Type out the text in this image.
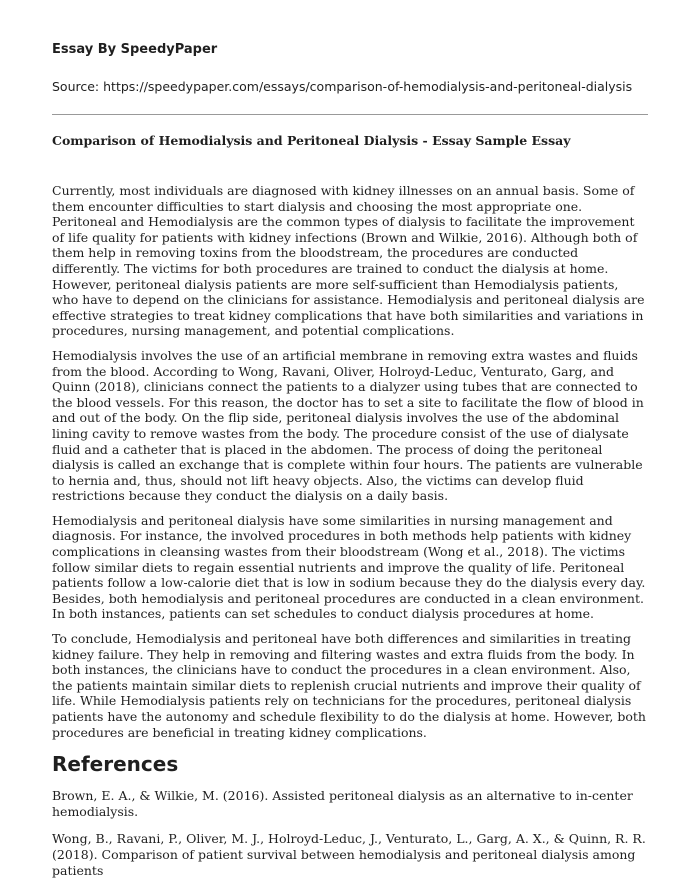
Essay By SpeedyPaper
Source: https://speedypaper.com/essays/comparison-of-hemodialysis-and-peritoneal-dialysis
Comparison of Hemodialysis and Peritoneal Dialysis - Essay Sample Essay

Currently, most individuals are diagnosed with kidney illnesses on an annual basis. Some of them encounter difficulties to start dialysis and choosing the most appropriate one. Peritoneal and Hemodialysis are the common types of dialysis to facilitate the improvement of life quality for patients with kidney infections (Brown and Wilkie, 2016). Although both of them help in removing toxins from the bloodstream, the procedures are conducted differently. The victims for both procedures are trained to conduct the dialysis at home. However, peritoneal dialysis patients are more self-sufficient than Hemodialysis patients, who have to depend on the clinicians for assistance. Hemodialysis and peritoneal dialysis are effective strategies to treat kidney complications that have both similarities and variations in procedures, nursing management, and potential complications.

Hemodialysis involves the use of an artificial membrane in removing extra wastes and fluids from the blood. According to Wong, Ravani, Oliver, Holroyd-Leduc, Venturato, Garg, and Quinn (2018), clinicians connect the patients to a dialyzer using tubes that are connected to the blood vessels. For this reason, the doctor has to set a site to facilitate the flow of blood in and out of the body. On the flip side, peritoneal dialysis involves the use of the abdominal lining cavity to remove wastes from the body. The procedure consist of the use of dialysate fluid and a catheter that is placed in the abdomen. The process of doing the peritoneal dialysis is called an exchange that is complete within four hours. The patients are vulnerable to hernia and, thus, should not lift heavy objects. Also, the victims can develop fluid restrictions because they conduct the dialysis on a daily basis.

Hemodialysis and peritoneal dialysis have some similarities in nursing management and diagnosis. For instance, the involved procedures in both methods help patients with kidney complications in cleansing wastes from their bloodstream (Wong et al., 2018). The victims follow similar diets to regain essential nutrients and improve the quality of life. Peritoneal patients follow a low-calorie diet that is low in sodium because they do the dialysis every day. Besides, both hemodialysis and peritoneal procedures are conducted in a clean environment. In both instances, patients can set schedules to conduct dialysis procedures at home.

To conclude, Hemodialysis and peritoneal have both differences and similarities in treating kidney failure. They help in removing and filtering wastes and extra fluids from the body. In both instances, the clinicians have to conduct the procedures in a clean environment. Also, the patients maintain similar diets to replenish crucial nutrients and improve their quality of life. While Hemodialysis patients rely on technicians for the procedures, peritoneal dialysis patients have the autonomy and schedule flexibility to do the dialysis at home. However, both procedures are beneficial in treating kidney complications.

References

Brown, E. A., & Wilkie, M. (2016). Assisted peritoneal dialysis as an alternative to in-center hemodialysis.

Wong, B., Ravani, P., Oliver, M. J., Holroyd-Leduc, J., Venturato, L., Garg, A. X., & Quinn, R. R. (2018). Comparison of patient survival between hemodialysis and peritoneal dialysis among patients
